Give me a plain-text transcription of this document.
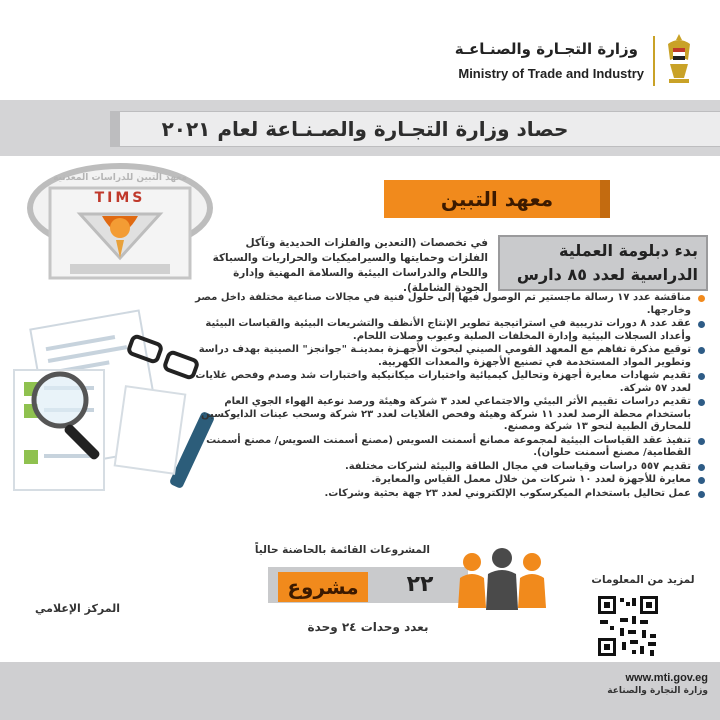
وزارة التجـارة والصنـاعـة
Ministry of Trade and Industry
حصاد وزارة التجـارة والصـنـاعة لعام ٢٠٢١
معهد التبين للدراسات المعدنية
TIMS	معهد التبين
بدء دبلومة العملية الدراسية لعدد ٨٥ دارس
في تخصصات (التعدين والفلزات الحديدية وتآكل الفلزات وحمايتها والسيراميكيات والحراريات والسباكة واللحام والدراسات البيئية والسلامة المهنية وإدارة الجودة الشاملة).
مناقشة عدد ١٧ رسالة ماجستير تم الوصول فيها إلى حلول فنية في مجالات صناعية مختلفة داخل مصر وخارجها.
عقد عدد ٨ دورات تدريبية في استراتيجية تطوير الإنتاج الأنظف والتشريعات البيئية والقياسات البيئية وأعداد السجلات البيئية وإدارة المخلفات الصلبة وعيوب وصلات اللحام.
توقيع مذكرة تفاهم مع المعهد القومي الصيني لبحوث الأجهـزة بمدينـة "جوانجز" الصينية بهدف دراسة وتطوير المواد المستخدمة في تصنيع الأجهزة والمعدات الكهربية.
تقديم شهادات معايرة أجهزة وتحاليل كيميائية واختبارات ميكانيكية واختبارات شد وصدم وفحص غلايات لعدد ٥٧ شركة.
تقديم دراسات تقييم الأثر البيئي والاجتماعي لعدد ٣ شركة وهيئة ورصد نوعية الهواء الجوي العام باستخدام محطة الرصد لعدد ١١ شركة وهيئة وفحص الغلايات لعدد ٢٣ شركة وسحب عينات الدايوكسين للمحارق الطبية لنحو ١٣ شركة ومصنع.
تنفيذ عقد القياسات البيئية لمجموعة مصانع أسمنت السويس (مصنع أسمنت السويس/ مصنع أسمنت القطامية/ مصنع أسمنت حلوان).
تقديم ٥٥٧ دراسات وقياسات في مجال الطاقة والبيئة لشركات مختلفة.
معايرة للأجهزة لعدد ١٠ شركات من خلال معمل القياس والمعايرة.
عمل تحاليل باستخدام الميكرسكوب الإلكتروني لعدد ٢٣ جهة بحثية وشركات.
المشروعات القائمة بالحاضنة حالياً
مشروع	٢٢
بعدد وحدات ٢٤ وحدة
المركز الإعلامي
لمزيد من المعلومات
www.mti.gov.eg
وزارة التجارة والصناعة
